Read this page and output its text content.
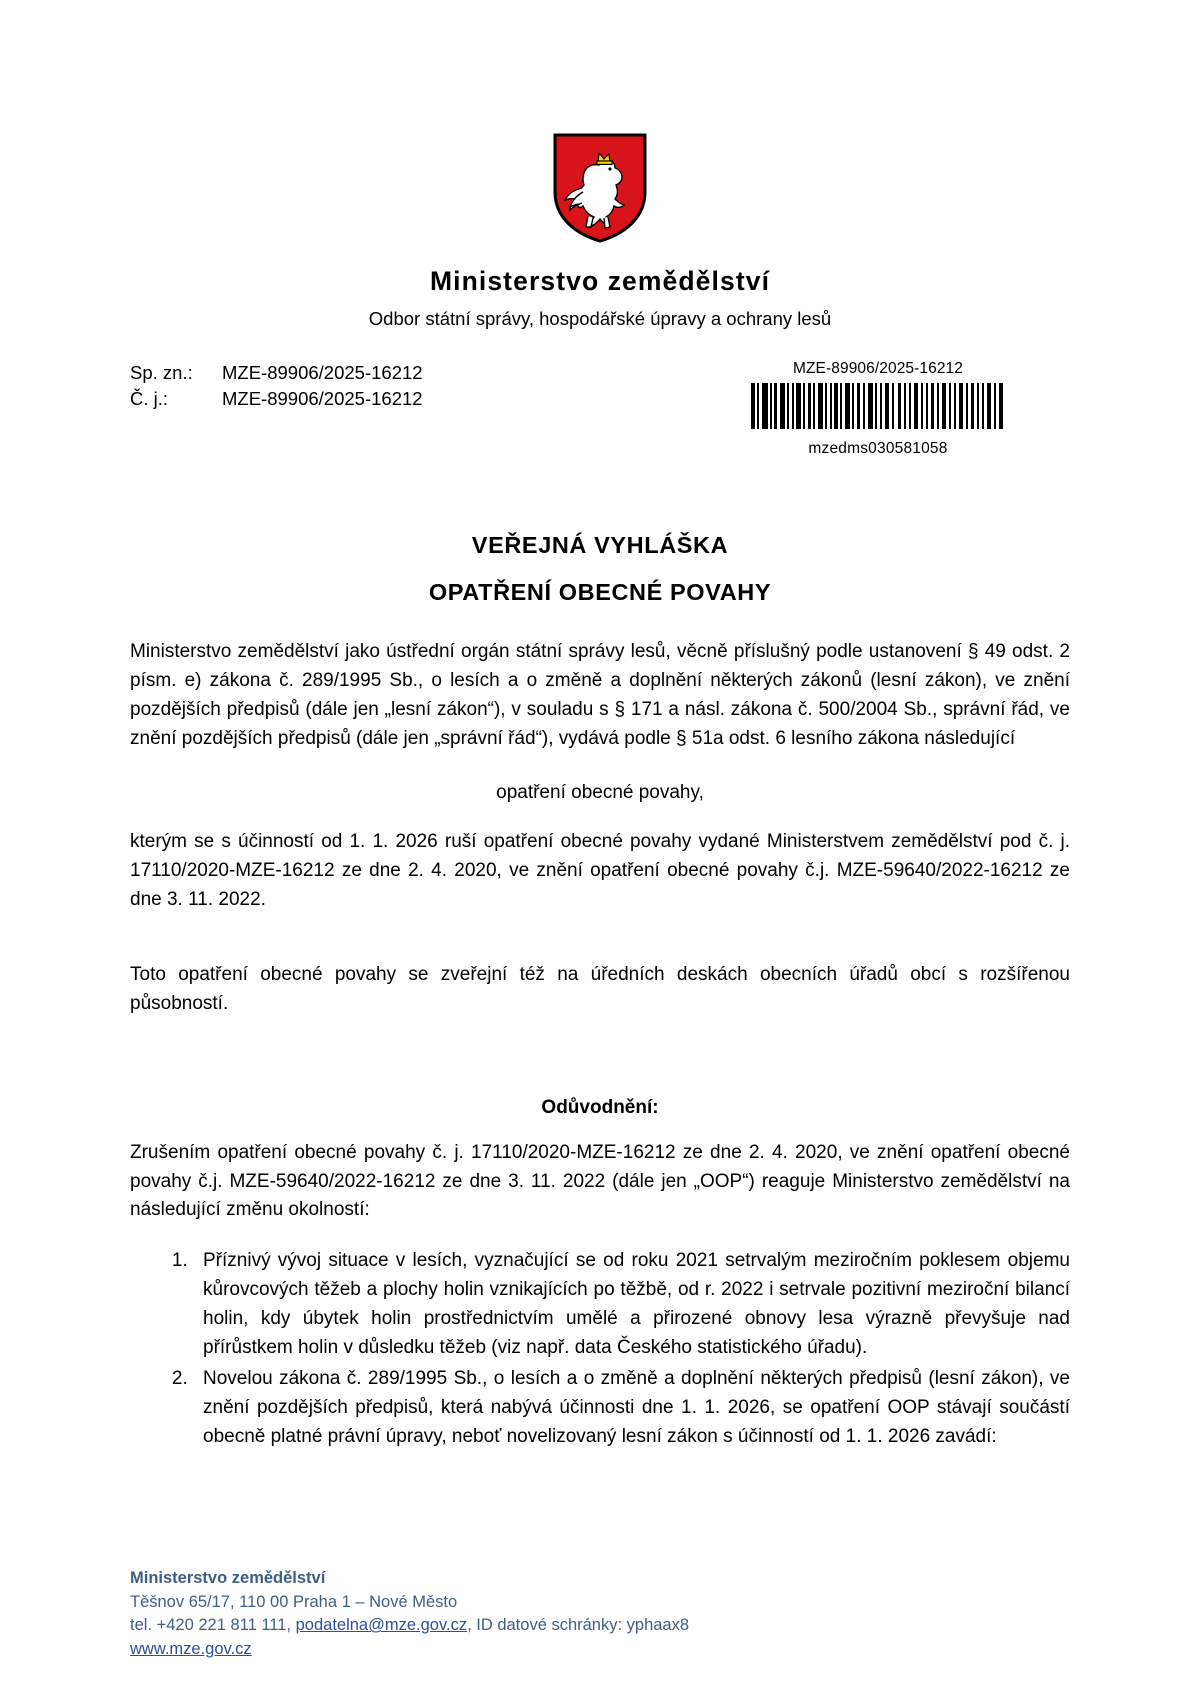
Ministerstvo zemědělství
Odbor státní správy, hospodářské úpravy a ochrany lesů
Sp. zn.:	MZE-89906/2025-16212
Č. j.:	MZE-89906/2025-16212
MZE-89906/2025-16212
mzedms030581058
VEŘEJNÁ VYHLÁŠKA
OPATŘENÍ OBECNÉ POVAHY
Ministerstvo zemědělství jako ústřední orgán státní správy lesů, věcně příslušný podle ustanovení § 49 odst. 2 písm. e) zákona č. 289/1995 Sb., o lesích a o změně a doplnění některých zákonů (lesní zákon), ve znění pozdějších předpisů (dále jen „lesní zákon“), v souladu s § 171 a násl. zákona č. 500/2004 Sb., správní řád, ve znění pozdějších předpisů (dále jen „správní řád“), vydává podle § 51a odst. 6 lesního zákona následující
opatření obecné povahy,
kterým se s účinností od 1. 1. 2026 ruší opatření obecné povahy vydané Ministerstvem zemědělství pod č. j. 17110/2020-MZE-16212 ze dne 2. 4. 2020, ve znění opatření obecné povahy č.j. MZE-59640/2022-16212 ze dne 3. 11. 2022.
Toto opatření obecné povahy se zveřejní též na úředních deskách obecních úřadů obcí s rozšířenou působností.
Odůvodnění:
Zrušením opatření obecné povahy č. j. 17110/2020-MZE-16212 ze dne 2. 4. 2020, ve znění opatření obecné povahy č.j. MZE-59640/2022-16212 ze dne 3. 11. 2022 (dále jen „OOP“) reaguje Ministerstvo zemědělství na následující změnu okolností:
1. Příznivý vývoj situace v lesích, vyznačující se od roku 2021 setrvalým meziročním poklesem objemu kůrovcových těžeb a plochy holin vznikajících po těžbě, od r. 2022 i setrvale pozitivní meziroční bilancí holin, kdy úbytek holin prostřednictvím umělé a přirozené obnovy lesa výrazně převyšuje nad přírůstkem holin v důsledku těžeb (viz např. data Českého statistického úřadu).
2. Novelou zákona č. 289/1995 Sb., o lesích a o změně a doplnění některých předpisů (lesní zákon), ve znění pozdějších předpisů, která nabývá účinnosti dne 1. 1. 2026, se opatření OOP stávají součástí obecně platné právní úpravy, neboť novelizovaný lesní zákon s účinností od 1. 1. 2026 zavádí:
Ministerstvo zemědělství
Těšnov 65/17, 110 00 Praha 1 – Nové Město
tel. +420 221 811 111, podatelna@mze.gov.cz, ID datové schránky: yphaax8
www.mze.gov.cz
